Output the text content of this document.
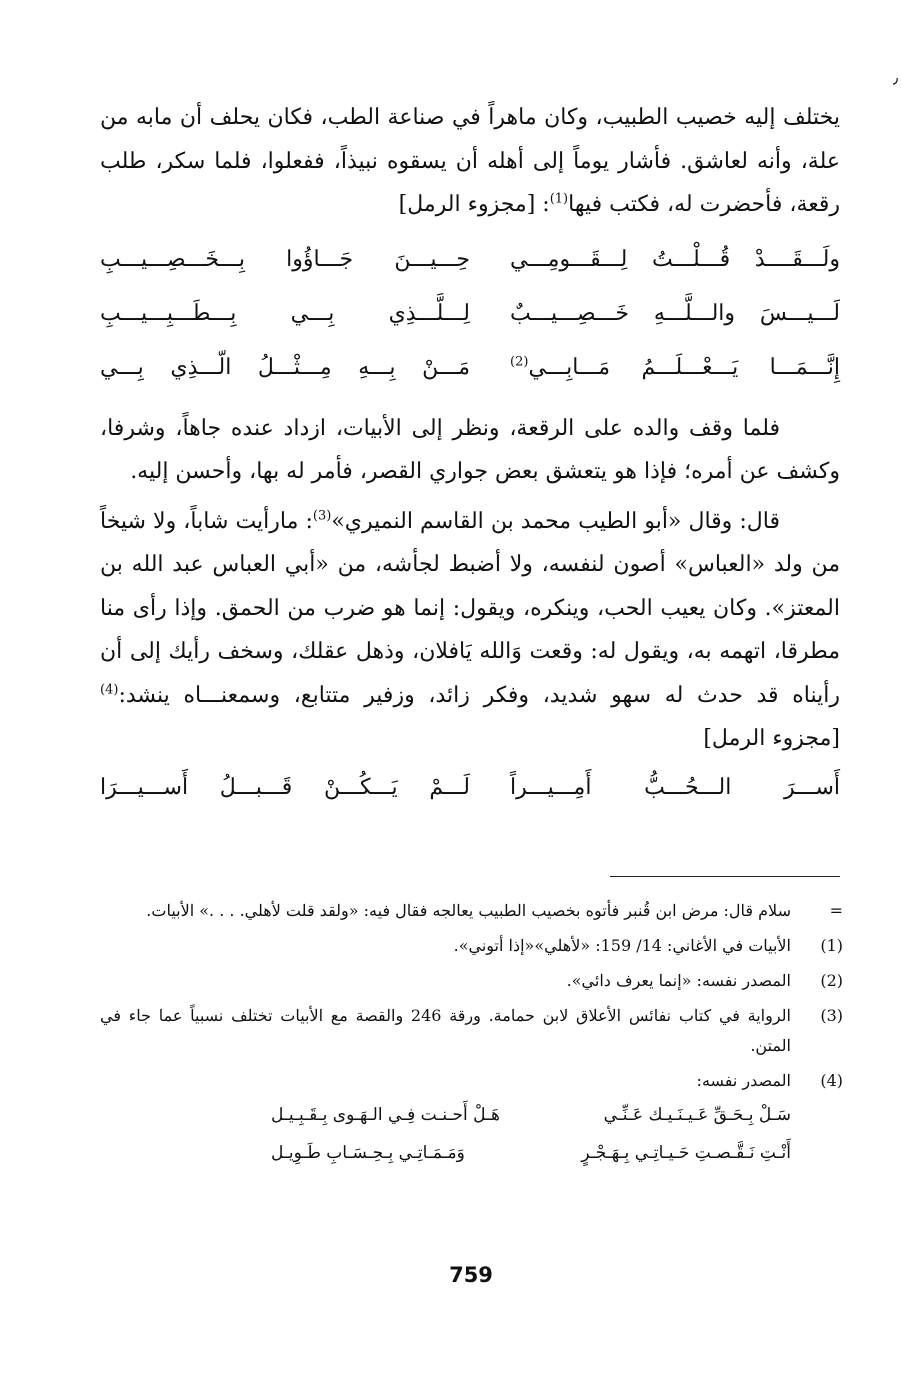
٫

يختلف إليه خصيب الطبيب، وكان ماهراً في صناعة الطب، فكان يحلف أن مابه من علة، وأنه لعاشق. فأشار يوماً إلى أهله أن يسقوه نبيذاً، ففعلوا، فلما سكر، طلب رقعة، فأحضرت له، فكتب فيها$^{(1)}$: [مجزوء الرمل]

ولَـــقَــــدْ قُـــلْـــتُ لِـــقَـــومِـــي
حِـــيـــنَ جَـــاؤُوا بِـــخَـــصِـــيـــبِ
لَـــيـــسَ والـــلَّـــهِ خَـــصِـــيـــبٌ
لِـــلَّـــذِي بِـــي بِـــطَـــبِـــيـــبِ
إِنَّـــمَـــا يَـــعْـــلَـــمُ مَـــابِـــي$^{(2)}$
مَـــنْ بِـــهِ مِـــثْـــلُ الّـــذِي بِـــي

فلما وقف والده على الرقعة، ونظر إلى الأبيات، ازداد عنده جاهاً، وشرفا، وكشف عن أمره؛ فإذا هو يتعشق بعض جواري القصر، فأمر له بها، وأحسن إليه.

قال: وقال «أبو الطيب محمد بن القاسم النميري»$^{(3)}$: مارأيت شاباً، ولا شيخاً من ولد «العباس» أصون لنفسه، ولا أضبط لجأشه، من «أبي العباس عبد الله بن المعتز». وكان يعيب الحب، وينكره، ويقول: إنما هو ضرب من الحمق. وإذا رأى منا مطرقا، اتهمه به، ويقول له: وقعت وَالله يَافلان، وذهل عقلك، وسخف رأيك إلى أن رأيناه قد حدث له سهو شديد، وفكر زائد، وزفير متتابع، وسمعنـــاه ينشد:$^{(4)}$ [مجزوء الرمل]

أَســـرَ الـــحُـــبُّ أَمِـــيـــراً
لَـــمْ يَـــكُـــنْ قَـــبـــلُ أَســـيـــرَا
=
سلام قال: مرض ابن قُنبر فأتوه بخصيب الطبيب يعالجه فقال فيه: «ولقد قلت لأهلي. . . .» الأبيات.
(1)
الأبيات في الأغاني: 14/ 159: «لأهلي»«إذا أتوني».
(2)
المصدر نفسه: «إنما يعرف دائي».
(3)
الرواية في كتاب نفائس الأعلاق لابن حمامة. ورقة 246 والقصة مع الأبيات تختلف نسبياً عما جاء في المتن.
(4)
المصدر نفسه:
سَـلْ بِـحَـقِّ عَـيـنَـيـك عَـنِّـي
هَـلْ أَحـنـت فِـي الـهَـوى بِـقَـبِـيـل
أَنْـتِ نَـقَّـصـتِ حَـيـاتِـي بِـهَـجْـرٍ
وَمَـمَـاتِـي بِـحِـسَـابِ طَـوِيـل
759
